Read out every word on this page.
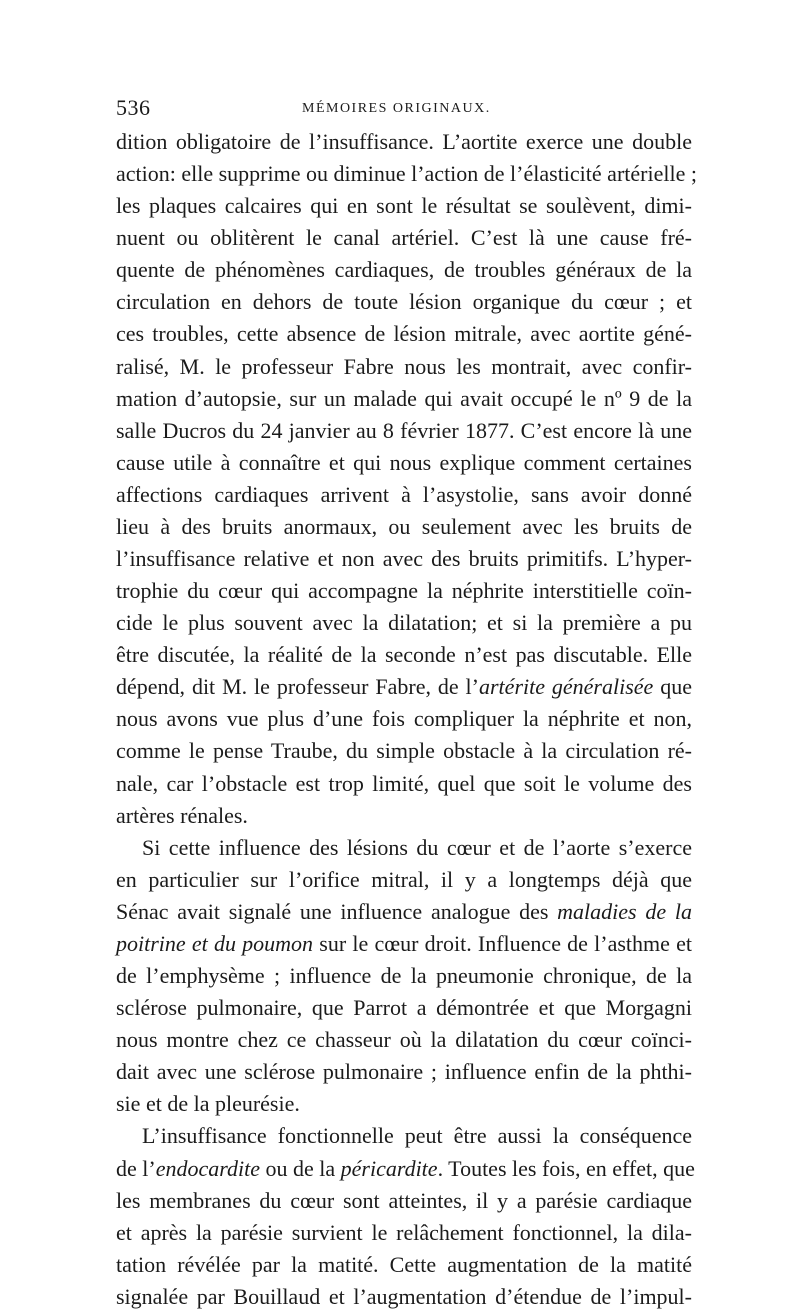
536	MÉMOIRES ORIGINAUX.
dition obligatoire de l’insuffisance. L’aortite exerce une double
action: elle supprime ou diminue l’action de l’élasticité artérielle ;
les plaques calcaires qui en sont le résultat se soulèvent, dimi-
nuent ou oblitèrent le canal artériel. C’est là une cause fré-
quente de phénomènes cardiaques, de troubles généraux de la
circulation en dehors de toute lésion organique du cœur ; et
ces troubles, cette absence de lésion mitrale, avec aortite géné-
ralisé, M. le professeur Fabre nous les montrait, avec confir-
mation d’autopsie, sur un malade qui avait occupé le nº 9 de la
salle Ducros du 24 janvier au 8 février 1877. C’est encore là une
cause utile à connaître et qui nous explique comment certaines
affections cardiaques arrivent à l’asystolie, sans avoir donné
lieu à des bruits anormaux, ou seulement avec les bruits de
l’insuffisance relative et non avec des bruits primitifs. L’hyper-
trophie du cœur qui accompagne la néphrite interstitielle coïn-
cide le plus souvent avec la dilatation; et si la première a pu
être discutée, la réalité de la seconde n’est pas discutable. Elle
dépend, dit M. le professeur Fabre, de l’artérite généralisée que
nous avons vue plus d’une fois compliquer la néphrite et non,
comme le pense Traube, du simple obstacle à la circulation ré-
nale, car l’obstacle est trop limité, quel que soit le volume des
artères rénales.
Si cette influence des lésions du cœur et de l’aorte s’exerce
en particulier sur l’orifice mitral, il y a longtemps déjà que
Sénac avait signalé une influence analogue des maladies de la
poitrine et du poumon sur le cœur droit. Influence de l’asthme et
de l’emphysème ; influence de la pneumonie chronique, de la
sclérose pulmonaire, que Parrot a démontrée et que Morgagni
nous montre chez ce chasseur où la dilatation du cœur coïnci-
dait avec une sclérose pulmonaire ; influence enfin de la phthi-
sie et de la pleurésie.
L’insuffisance fonctionnelle peut être aussi la conséquence
de l’endocardite ou de la péricardite. Toutes les fois, en effet, que
les membranes du cœur sont atteintes, il y a parésie cardiaque
et après la parésie survient le relâchement fonctionnel, la dila-
tation révélée par la matité. Cette augmentation de la matité
signalée par Bouillaud et l’augmentation d’étendue de l’impul-
